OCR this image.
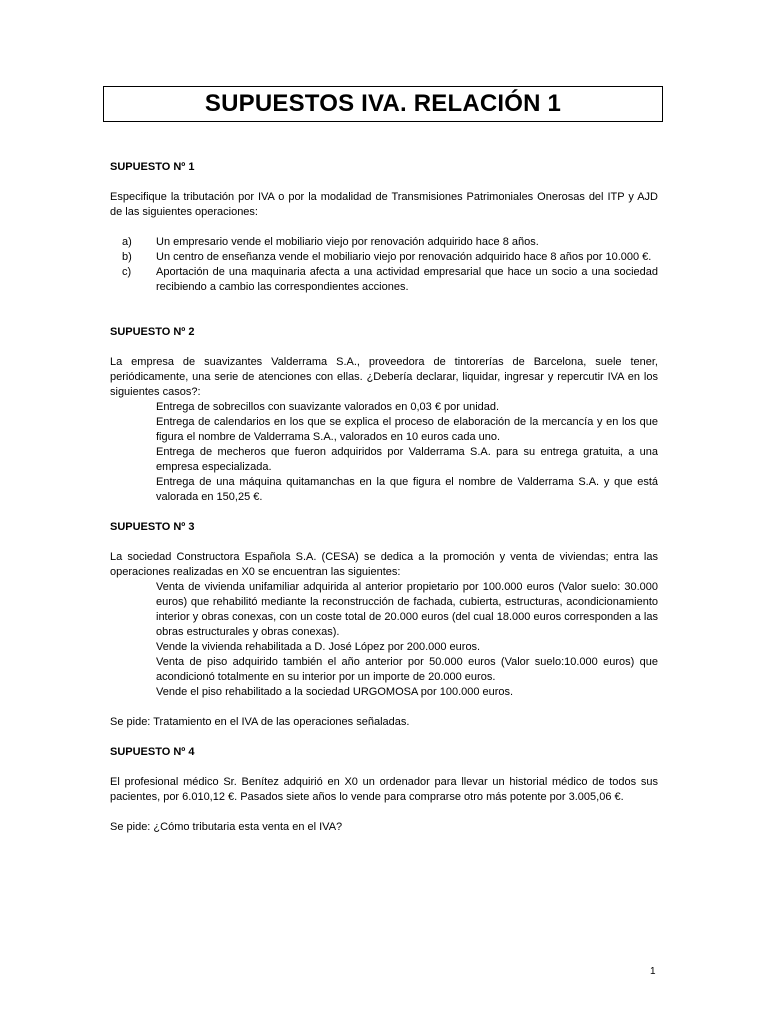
SUPUESTOS IVA. RELACIÓN 1

SUPUESTO Nº 1

Especifique la tributación por IVA o por la modalidad de Transmisiones Patrimoniales Onerosas del ITP y AJD de las siguientes operaciones:

a)	Un empresario vende el mobiliario viejo por renovación adquirido hace 8 años.
b)	Un centro de enseñanza vende el mobiliario viejo por renovación adquirido hace 8 años por 10.000 €.
c)	Aportación de una maquinaria afecta a una actividad empresarial que hace un socio a una sociedad recibiendo a cambio las correspondientes acciones.

SUPUESTO Nº 2

La empresa de suavizantes Valderrama S.A., proveedora de tintorerías de Barcelona, suele tener, periódicamente, una serie de atenciones con ellas. ¿Debería declarar, liquidar, ingresar y repercutir IVA en los siguientes casos?:

Entrega de sobrecillos con suavizante valorados en 0,03 € por unidad.
Entrega de calendarios en los que se explica el proceso de elaboración de la mercancía y en los que figura el nombre de Valderrama S.A., valorados en 10 euros cada uno.
Entrega de mecheros que fueron adquiridos por Valderrama S.A. para su entrega gratuita, a una empresa especializada.
Entrega de una máquina quitamanchas en la que figura el nombre de Valderrama S.A. y que está valorada en 150,25 €.

SUPUESTO Nº 3

La sociedad Constructora Española S.A. (CESA) se dedica a la promoción y venta de viviendas; entra las operaciones realizadas en X0 se encuentran las siguientes:

Venta de vivienda unifamiliar adquirida al anterior propietario por 100.000 euros (Valor suelo: 30.000 euros) que rehabilitó mediante la reconstrucción de fachada, cubierta, estructuras, acondicionamiento interior y obras conexas, con un coste total de 20.000 euros (del cual 18.000 euros corresponden a las obras estructurales y obras conexas).
Vende la vivienda rehabilitada a D. José López por 200.000 euros.
Venta de piso adquirido también el año anterior por 50.000 euros (Valor suelo:10.000 euros) que acondicionó totalmente en su interior por un importe de 20.000 euros.
Vende el piso rehabilitado a la sociedad URGOMOSA por 100.000 euros.

Se pide: Tratamiento en el IVA de las operaciones señaladas.

SUPUESTO Nº 4

El profesional médico Sr. Benítez adquirió en X0 un ordenador para llevar un historial médico de todos sus pacientes, por 6.010,12 €. Pasados siete años lo vende para comprarse otro más potente por 3.005,06 €.

Se pide: ¿Cómo tributaria esta venta en el IVA?

1
